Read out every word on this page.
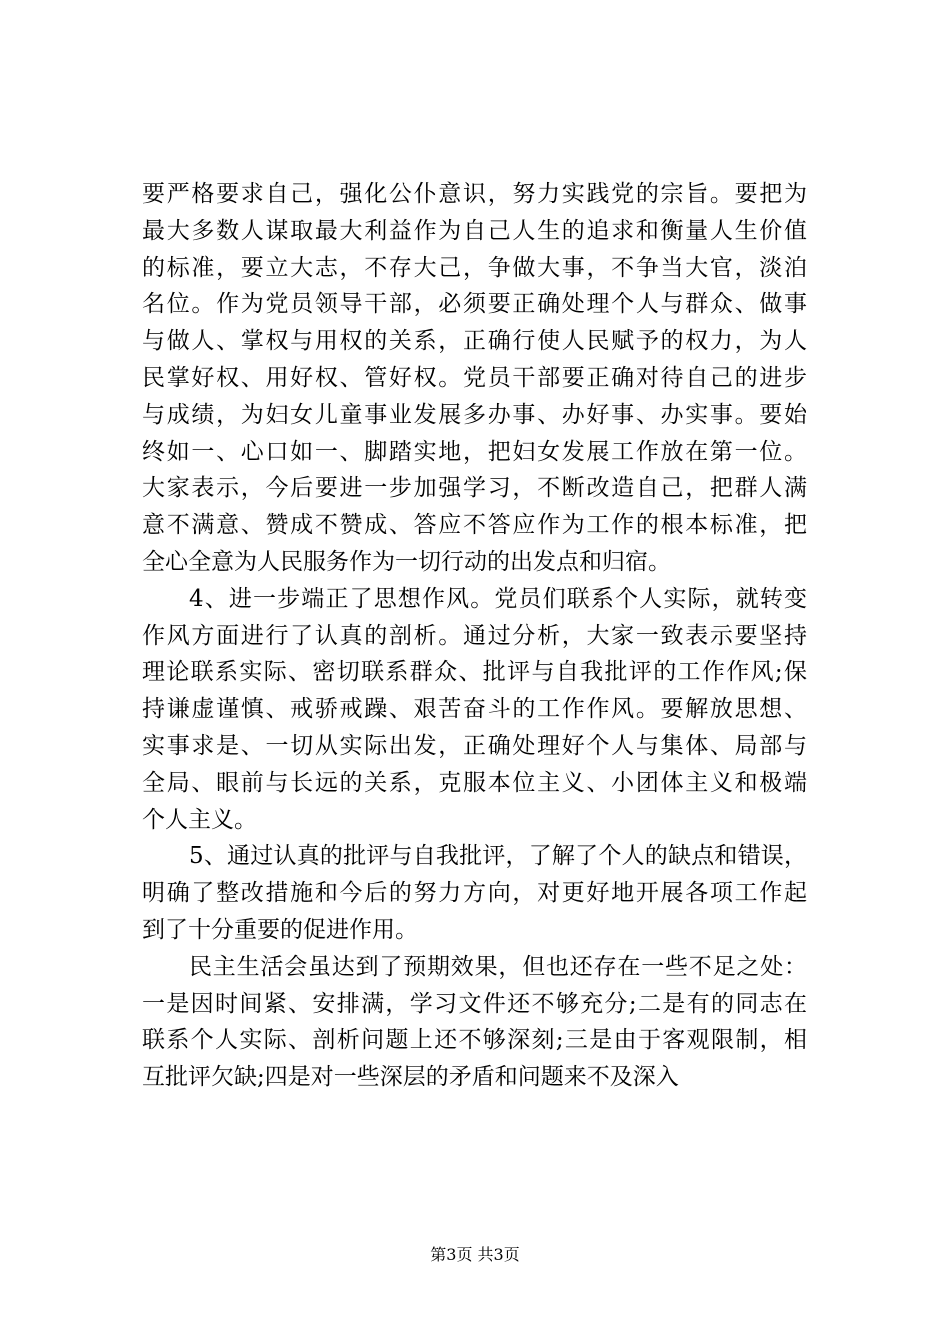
要严格要求自己，强化公仆意识，努力实践党的宗旨。要把为
最大多数人谋取最大利益作为自己人生的追求和衡量人生价值
的标准，要立大志，不存大己，争做大事，不争当大官，淡泊
名位。作为党员领导干部，必须要正确处理个人与群众、做事
与做人、掌权与用权的关系，正确行使人民赋予的权力，为人
民掌好权、用好权、管好权。党员干部要正确对待自己的进步
与成绩，为妇女儿童事业发展多办事、办好事、办实事。要始
终如一、心口如一、脚踏实地，把妇女发展工作放在第一位。
大家表示，今后要进一步加强学习，不断改造自己，把群人满
意不满意、赞成不赞成、答应不答应作为工作的根本标准，把
全心全意为人民服务作为一切行动的出发点和归宿。
4、进一步端正了思想作风。党员们联系个人实际，就转变
作风方面进行了认真的剖析。通过分析，大家一致表示要坚持
理论联系实际、密切联系群众、批评与自我批评的工作作风;保
持谦虚谨慎、戒骄戒躁、艰苦奋斗的工作作风。要解放思想、
实事求是、一切从实际出发，正确处理好个人与集体、局部与
全局、眼前与长远的关系，克服本位主义、小团体主义和极端
个人主义。
5、通过认真的批评与自我批评，了解了个人的缺点和错误，
明确了整改措施和今后的努力方向，对更好地开展各项工作起
到了十分重要的促进作用。
民主生活会虽达到了预期效果，但也还存在一些不足之处：
一是因时间紧、安排满，学习文件还不够充分;二是有的同志在
联系个人实际、剖析问题上还不够深刻;三是由于客观限制，相
互批评欠缺;四是对一些深层的矛盾和问题来不及深入
第3页 共3页
